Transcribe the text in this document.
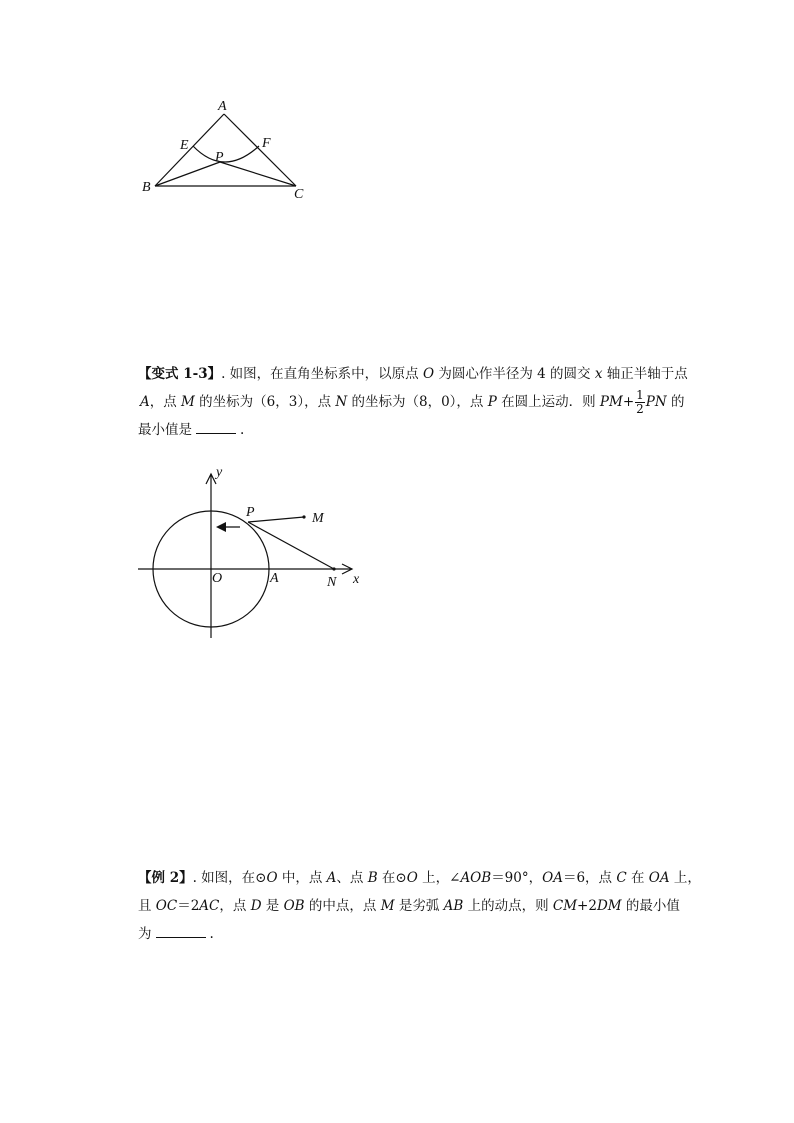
A
E	F
P
B	C
【变式 1-3】. 如图，在直角坐标系中，以原点 O 为圆心作半径为 4 的圆交 x 轴正半轴于点
A，点 M 的坐标为（6，3），点 N 的坐标为（8，0），点 P 在圆上运动．则 $PM+ \frac{1}{2}$ PN 的
最小值是	.
y
P	M
O	A	N x
【例 2】. 如图，在⊙O 中，点 A、点 B 在⊙O 上，∠AOB＝90°，OA＝6，点 C 在 OA 上，
且 OC＝2AC，点 D 是 OB 的中点，点 M 是劣弧 AB 上的动点，则 CM+2DM 的最小值
为	.
